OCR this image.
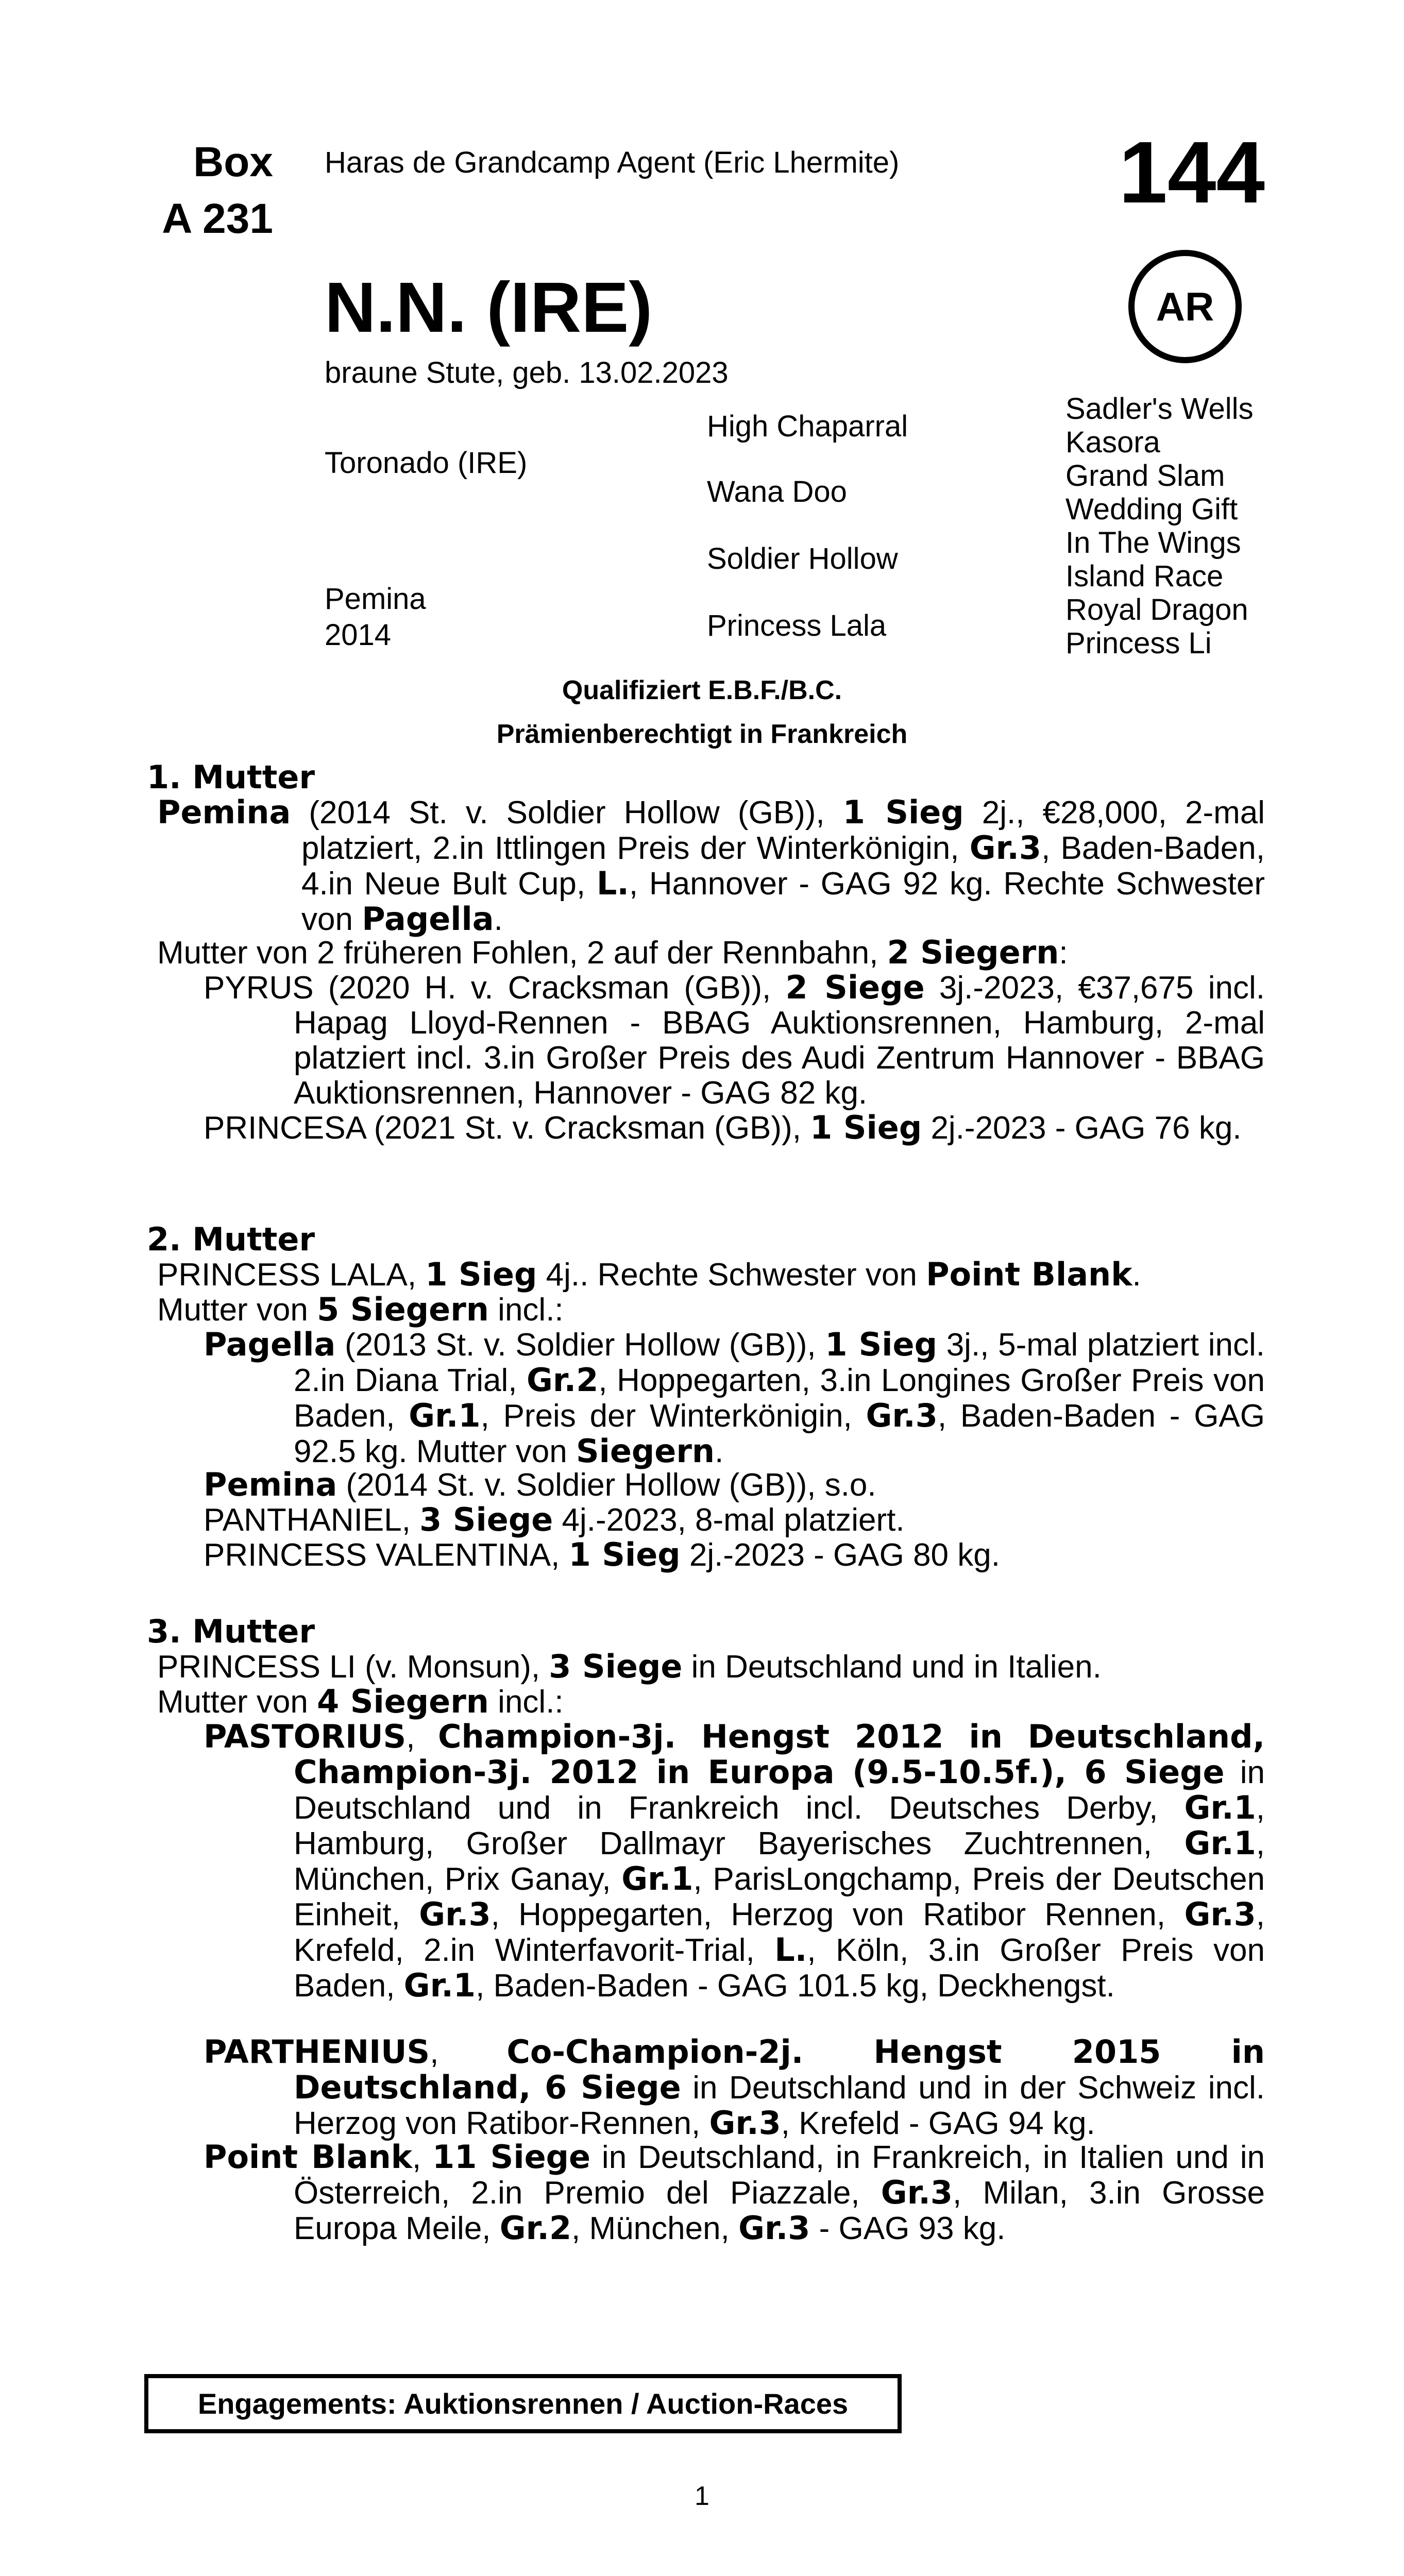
Box
A 231
Haras de Grandcamp Agent (Eric Lhermite)	144
AR
N.N. (IRE)
braune Stute, geb. 13.02.2023
Toronado (IRE)
Pemina
2014
High Chaparral
Wana Doo
Soldier Hollow
Princess Lala
Sadler's Wells
Kasora
Grand Slam
Wedding Gift
In The Wings
Island Race
Royal Dragon
Princess Li
Qualifiziert E.B.F./B.C.
Prämienberechtigt in Frankreich
1. Mutter
Pemina (2014 St. v. Soldier Hollow (GB)), 1 Sieg 2j., €28,000, 2-mal platziert, 2.in Ittlingen Preis der Winterkönigin, Gr.3, Baden-Baden, 4.in Neue Bult Cup, L., Hannover - GAG 92 kg. Rechte Schwester von Pagella.
Mutter von 2 früheren Fohlen, 2 auf der Rennbahn, 2 Siegern:
PYRUS (2020 H. v. Cracksman (GB)), 2 Siege 3j.-2023, €37,675 incl. Hapag Lloyd-Rennen - BBAG Auktionsrennen, Hamburg, 2-mal platziert incl. 3.in Großer Preis des Audi Zentrum Hannover - BBAG Auktionsrennen, Hannover - GAG 82 kg.
PRINCESA (2021 St. v. Cracksman (GB)), 1 Sieg 2j.-2023 - GAG 76 kg.
2. Mutter
PRINCESS LALA, 1 Sieg 4j.. Rechte Schwester von Point Blank.
Mutter von 5 Siegern incl.:
Pagella (2013 St. v. Soldier Hollow (GB)), 1 Sieg 3j., 5-mal platziert incl. 2.in Diana Trial, Gr.2, Hoppegarten, 3.in Longines Großer Preis von Baden, Gr.1, Preis der Winterkönigin, Gr.3, Baden-Baden - GAG 92.5 kg. Mutter von Siegern.
Pemina (2014 St. v. Soldier Hollow (GB)), s.o.
PANTHANIEL, 3 Siege 4j.-2023, 8-mal platziert.
PRINCESS VALENTINA, 1 Sieg 2j.-2023 - GAG 80 kg.
3. Mutter
PRINCESS LI (v. Monsun), 3 Siege in Deutschland und in Italien.
Mutter von 4 Siegern incl.:
PASTORIUS, Champion-3j. Hengst 2012 in Deutschland, Champion-3j. 2012 in Europa (9.5-10.5f.), 6 Siege in Deutschland und in Frankreich incl. Deutsches Derby, Gr.1, Hamburg, Großer Dallmayr Bayerisches Zuchtrennen, Gr.1, München, Prix Ganay, Gr.1, ParisLongchamp, Preis der Deutschen Einheit, Gr.3, Hoppegarten, Herzog von Ratibor Rennen, Gr.3, Krefeld, 2.in Winterfavorit-Trial, L., Köln, 3.in Großer Preis von Baden, Gr.1, Baden-Baden - GAG 101.5 kg, Deckhengst.
PARTHENIUS, Co-Champion-2j. Hengst 2015 in Deutschland, 6 Siege in Deutschland und in der Schweiz incl. Herzog von Ratibor-Rennen, Gr.3, Krefeld - GAG 94 kg.
Point Blank, 11 Siege in Deutschland, in Frankreich, in Italien und in Österreich, 2.in Premio del Piazzale, Gr.3, Milan, 3.in Grosse Europa Meile, Gr.2, München, Gr.3 - GAG 93 kg.
Engagements: Auktionsrennen / Auction-Races
1
